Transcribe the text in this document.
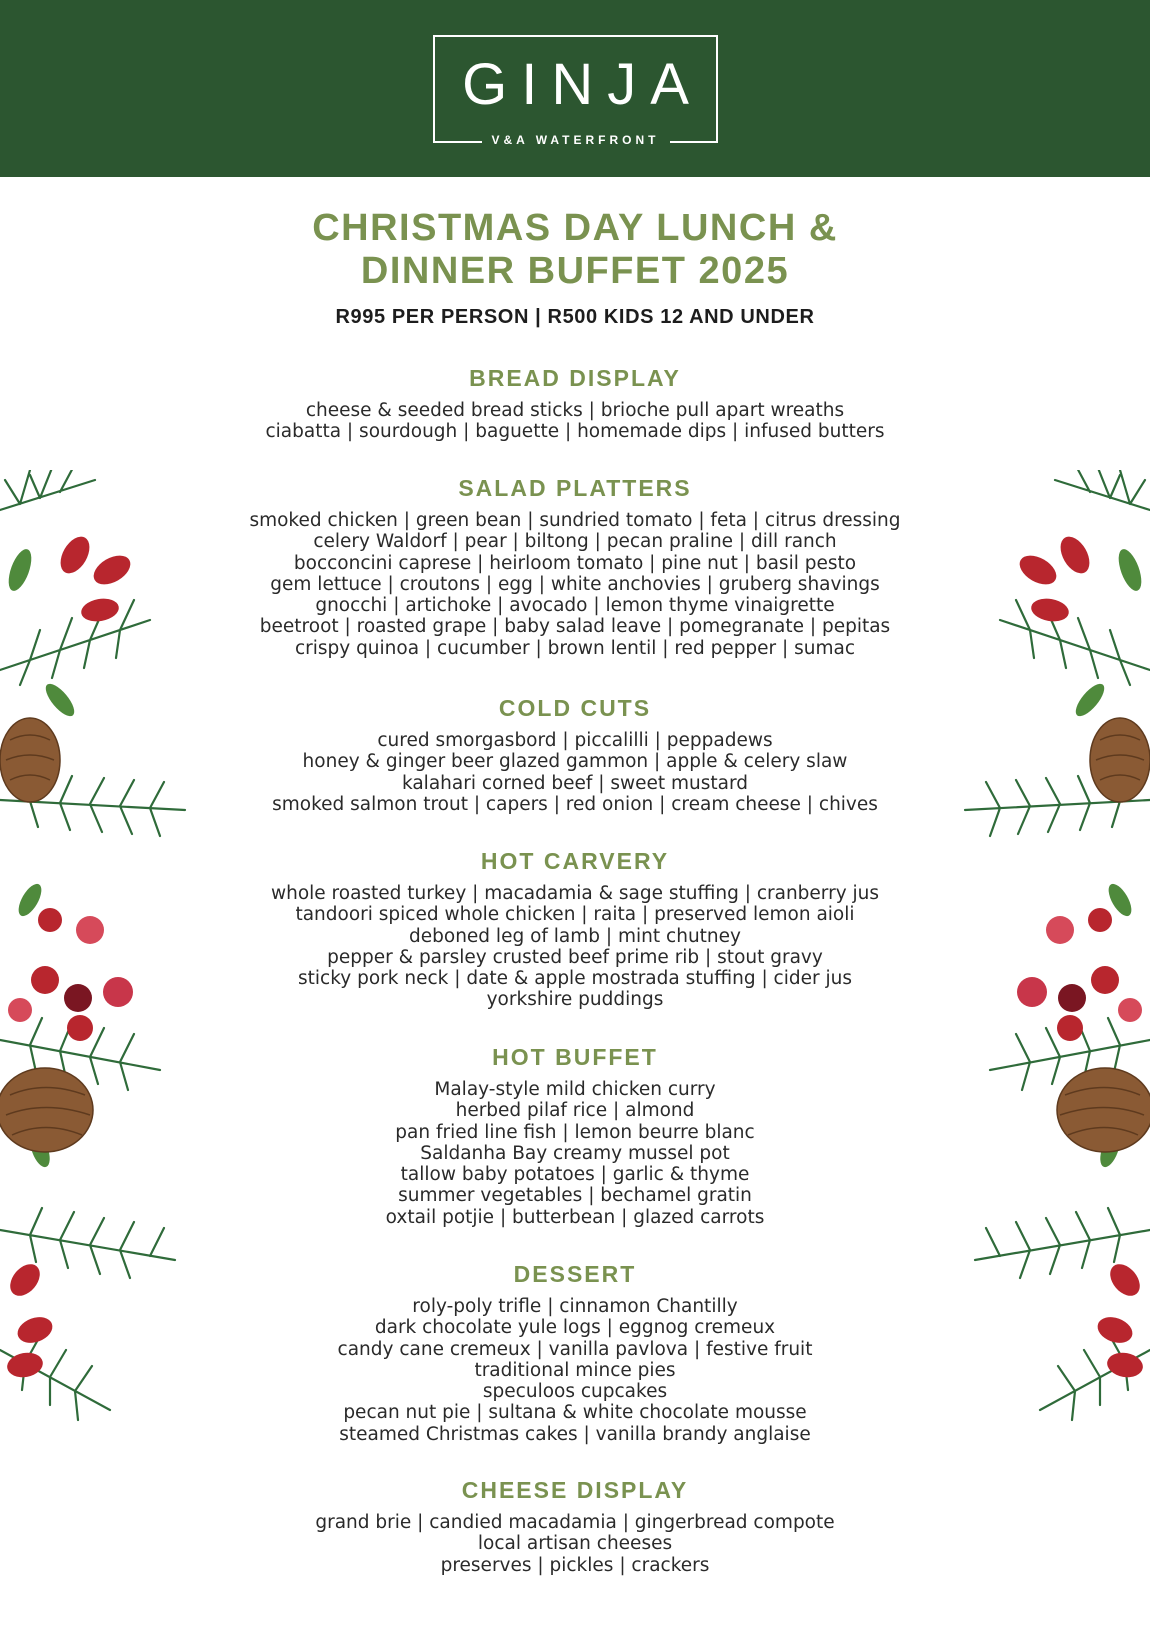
GINJA
V&A WATERFRONT
CHRISTMAS DAY LUNCH &
DINNER BUFFET 2025
R995 PER PERSON | R500 KIDS 12 AND UNDER
BREAD DISPLAY
cheese & seeded bread sticks | brioche pull apart wreaths
ciabatta | sourdough | baguette | homemade dips | infused butters
SALAD PLATTERS
smoked chicken | green bean | sundried tomato | feta | citrus dressing
celery Waldorf | pear | biltong | pecan praline | dill ranch
bocconcini caprese | heirloom tomato | pine nut | basil pesto
gem lettuce | croutons | egg | white anchovies | gruberg shavings
gnocchi | artichoke | avocado | lemon thyme vinaigrette
beetroot | roasted grape | baby salad leave | pomegranate | pepitas
crispy quinoa | cucumber | brown lentil | red pepper | sumac
COLD CUTS
cured smorgasbord | piccalilli | peppadews
honey & ginger beer glazed gammon | apple & celery slaw
kalahari corned beef | sweet mustard
smoked salmon trout | capers | red onion | cream cheese | chives
HOT CARVERY
whole roasted turkey | macadamia & sage stuffing | cranberry jus
tandoori spiced whole chicken | raita | preserved lemon aioli
deboned leg of lamb | mint chutney
pepper & parsley crusted beef prime rib | stout gravy
sticky pork neck | date & apple mostrada stuffing | cider jus
yorkshire puddings
HOT BUFFET
Malay-style mild chicken curry
herbed pilaf rice | almond
pan fried line fish | lemon beurre blanc
Saldanha Bay creamy mussel pot
tallow baby potatoes | garlic & thyme
summer vegetables | bechamel gratin
oxtail potjie | butterbean | glazed carrots
DESSERT
roly-poly trifle | cinnamon Chantilly
dark chocolate yule logs | eggnog cremeux
candy cane cremeux | vanilla pavlova | festive fruit
traditional mince pies
speculoos cupcakes
pecan nut pie | sultana & white chocolate mousse
steamed Christmas cakes | vanilla brandy anglaise
CHEESE DISPLAY
grand brie | candied macadamia | gingerbread compote
local artisan cheeses
preserves | pickles | crackers
